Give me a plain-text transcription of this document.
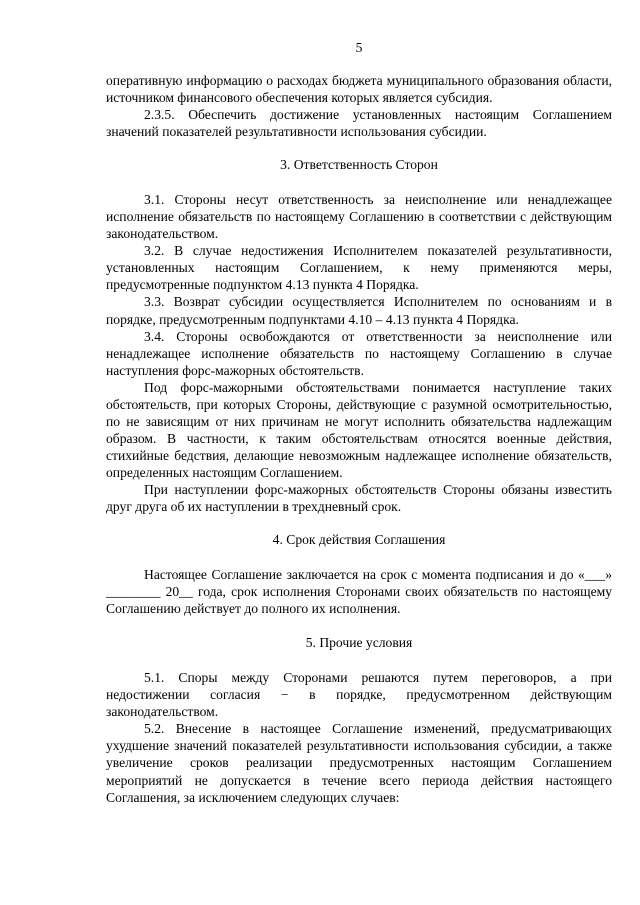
5

оперативную информацию о расходах бюджета муниципального образования области, источником финансового обеспечения которых является субсидия.

2.3.5. Обеспечить достижение установленных настоящим Соглашением значений показателей результативности использования субсидии.

3. Ответственность Сторон

3.1. Стороны несут ответственность за неисполнение или ненадлежащее исполнение обязательств по настоящему Соглашению в соответствии с действующим законодательством.

3.2. В случае недостижения Исполнителем показателей результативности, установленных настоящим Соглашением, к нему применяются меры, предусмотренные подпунктом 4.13 пункта 4 Порядка.

3.3. Возврат субсидии осуществляется Исполнителем по основаниям и в порядке, предусмотренным подпунктами 4.10 – 4.13 пункта 4 Порядка.

3.4. Стороны освобождаются от ответственности за неисполнение или ненадлежащее исполнение обязательств по настоящему Соглашению в случае наступления форс-мажорных обстоятельств.

Под форс-мажорными обстоятельствами понимается наступление таких обстоятельств, при которых Стороны, действующие с разумной осмотрительностью, по не зависящим от них причинам не могут исполнить обязательства надлежащим образом. В частности, к таким обстоятельствам относятся военные действия, стихийные бедствия, делающие невозможным надлежащее исполнение обязательств, определенных настоящим Соглашением.

При наступлении форс-мажорных обстоятельств Стороны обязаны известить друг друга об их наступлении в трехдневный срок.

4. Срок действия Соглашения

Настоящее Соглашение заключается на срок с момента подписания и до «___» ________ 20__ года, срок исполнения Сторонами своих обязательств по настоящему Соглашению действует до полного их исполнения.

5. Прочие условия

5.1. Споры между Сторонами решаются путем переговоров, а при недостижении согласия − в порядке, предусмотренном действующим законодательством.

5.2. Внесение в настоящее Соглашение изменений, предусматривающих ухудшение значений показателей результативности использования субсидии, а также увеличение сроков реализации предусмотренных настоящим Соглашением мероприятий не допускается в течение всего периода действия настоящего Соглашения, за исключением следующих случаев:
